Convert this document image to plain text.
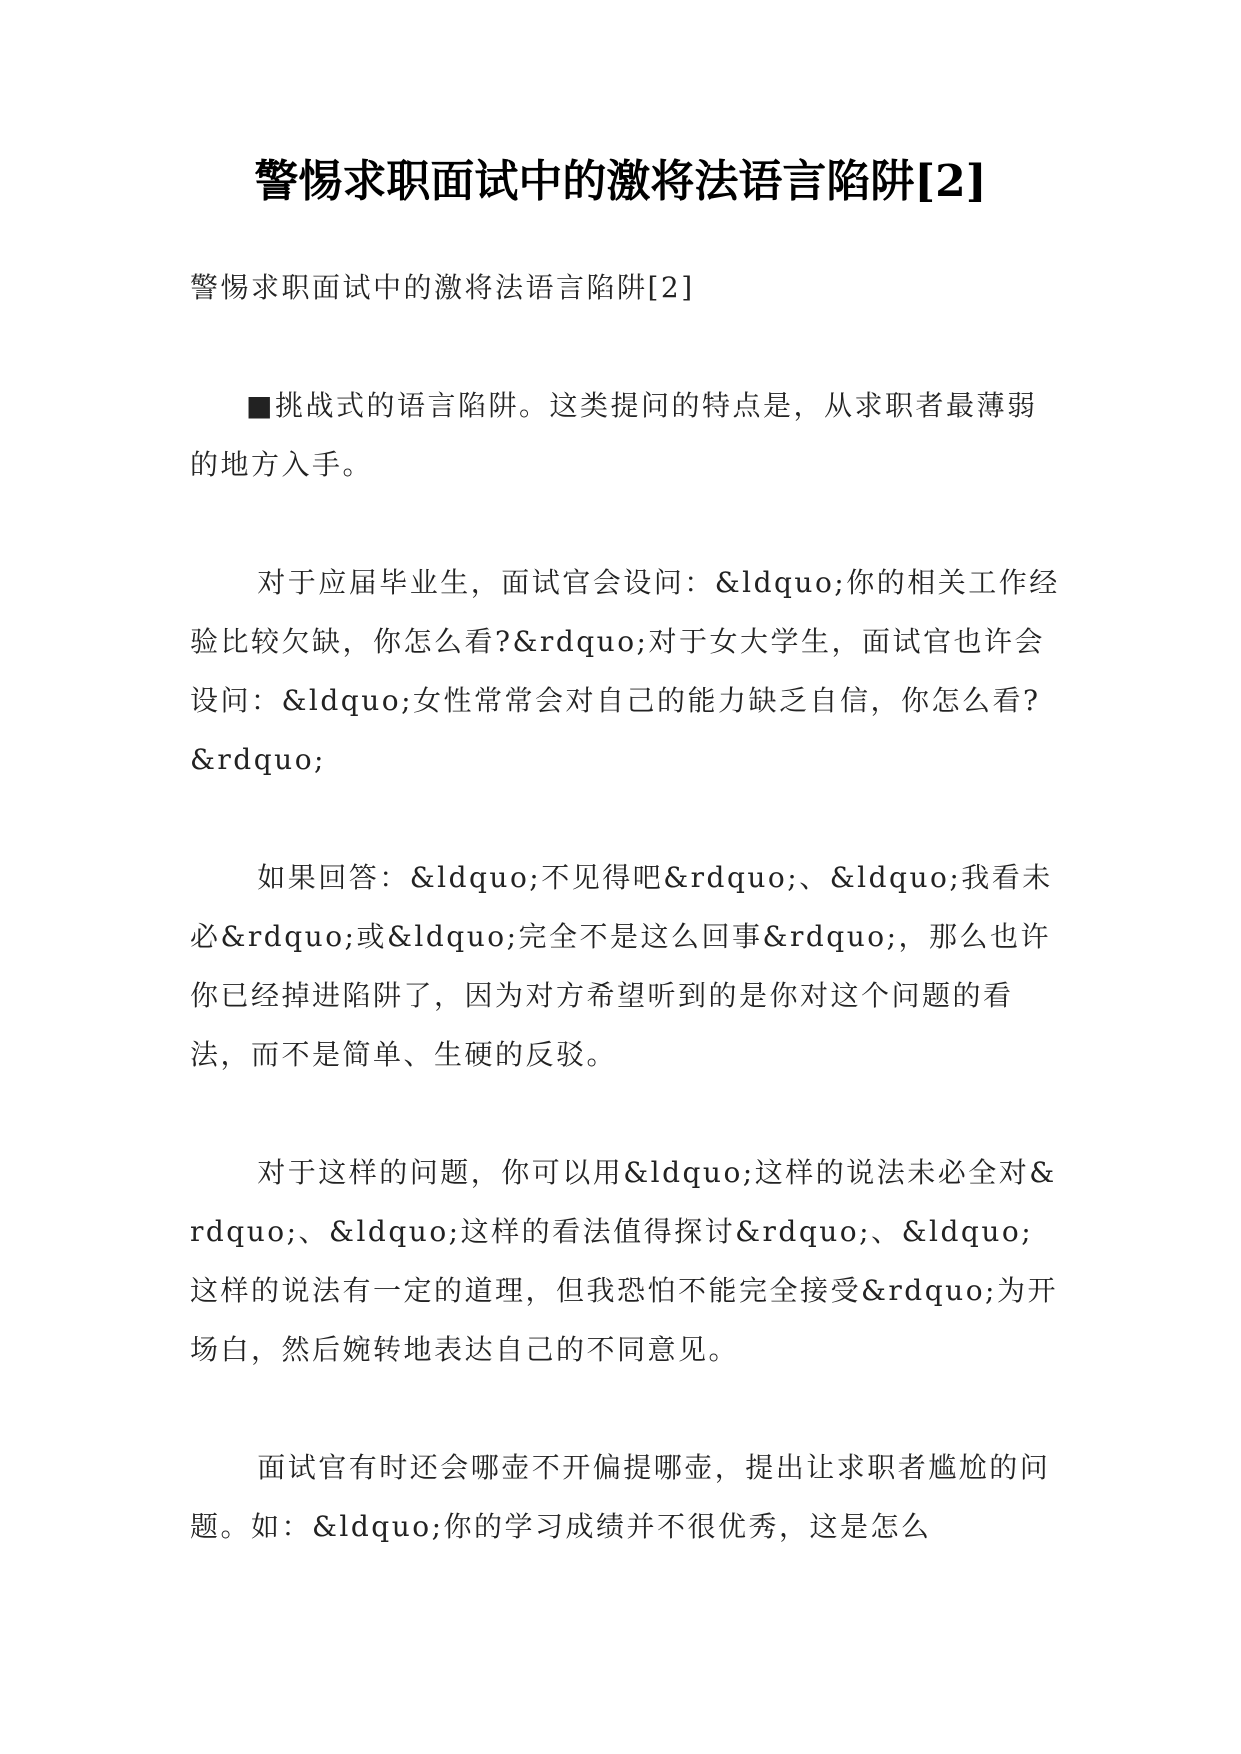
警惕求职面试中的激将法语言陷阱[2]

警惕求职面试中的激将法语言陷阱[2]

■挑战式的语言陷阱。这类提问的特点是，从求职者最薄弱的地方入手。

对于应届毕业生，面试官会设问：&ldquo;你的相关工作经验比较欠缺，你怎么看?&rdquo;对于女大学生，面试官也许会设问：&ldquo;女性常常会对自己的能力缺乏自信，你怎么看?&rdquo;

如果回答：&ldquo;不见得吧&rdquo;、&ldquo;我看未必&rdquo;或&ldquo;完全不是这么回事&rdquo;，那么也许你已经掉进陷阱了，因为对方希望听到的是你对这个问题的看法，而不是简单、生硬的反驳。

对于这样的问题，你可以用&ldquo;这样的说法未必全对&rdquo;、&ldquo;这样的看法值得探讨&rdquo;、&ldquo;这样的说法有一定的道理，但我恐怕不能完全接受&rdquo;为开场白，然后婉转地表达自己的不同意见。

面试官有时还会哪壶不开偏提哪壶，提出让求职者尴尬的问题。如：&ldquo;你的学习成绩并不很优秀，这是怎么
